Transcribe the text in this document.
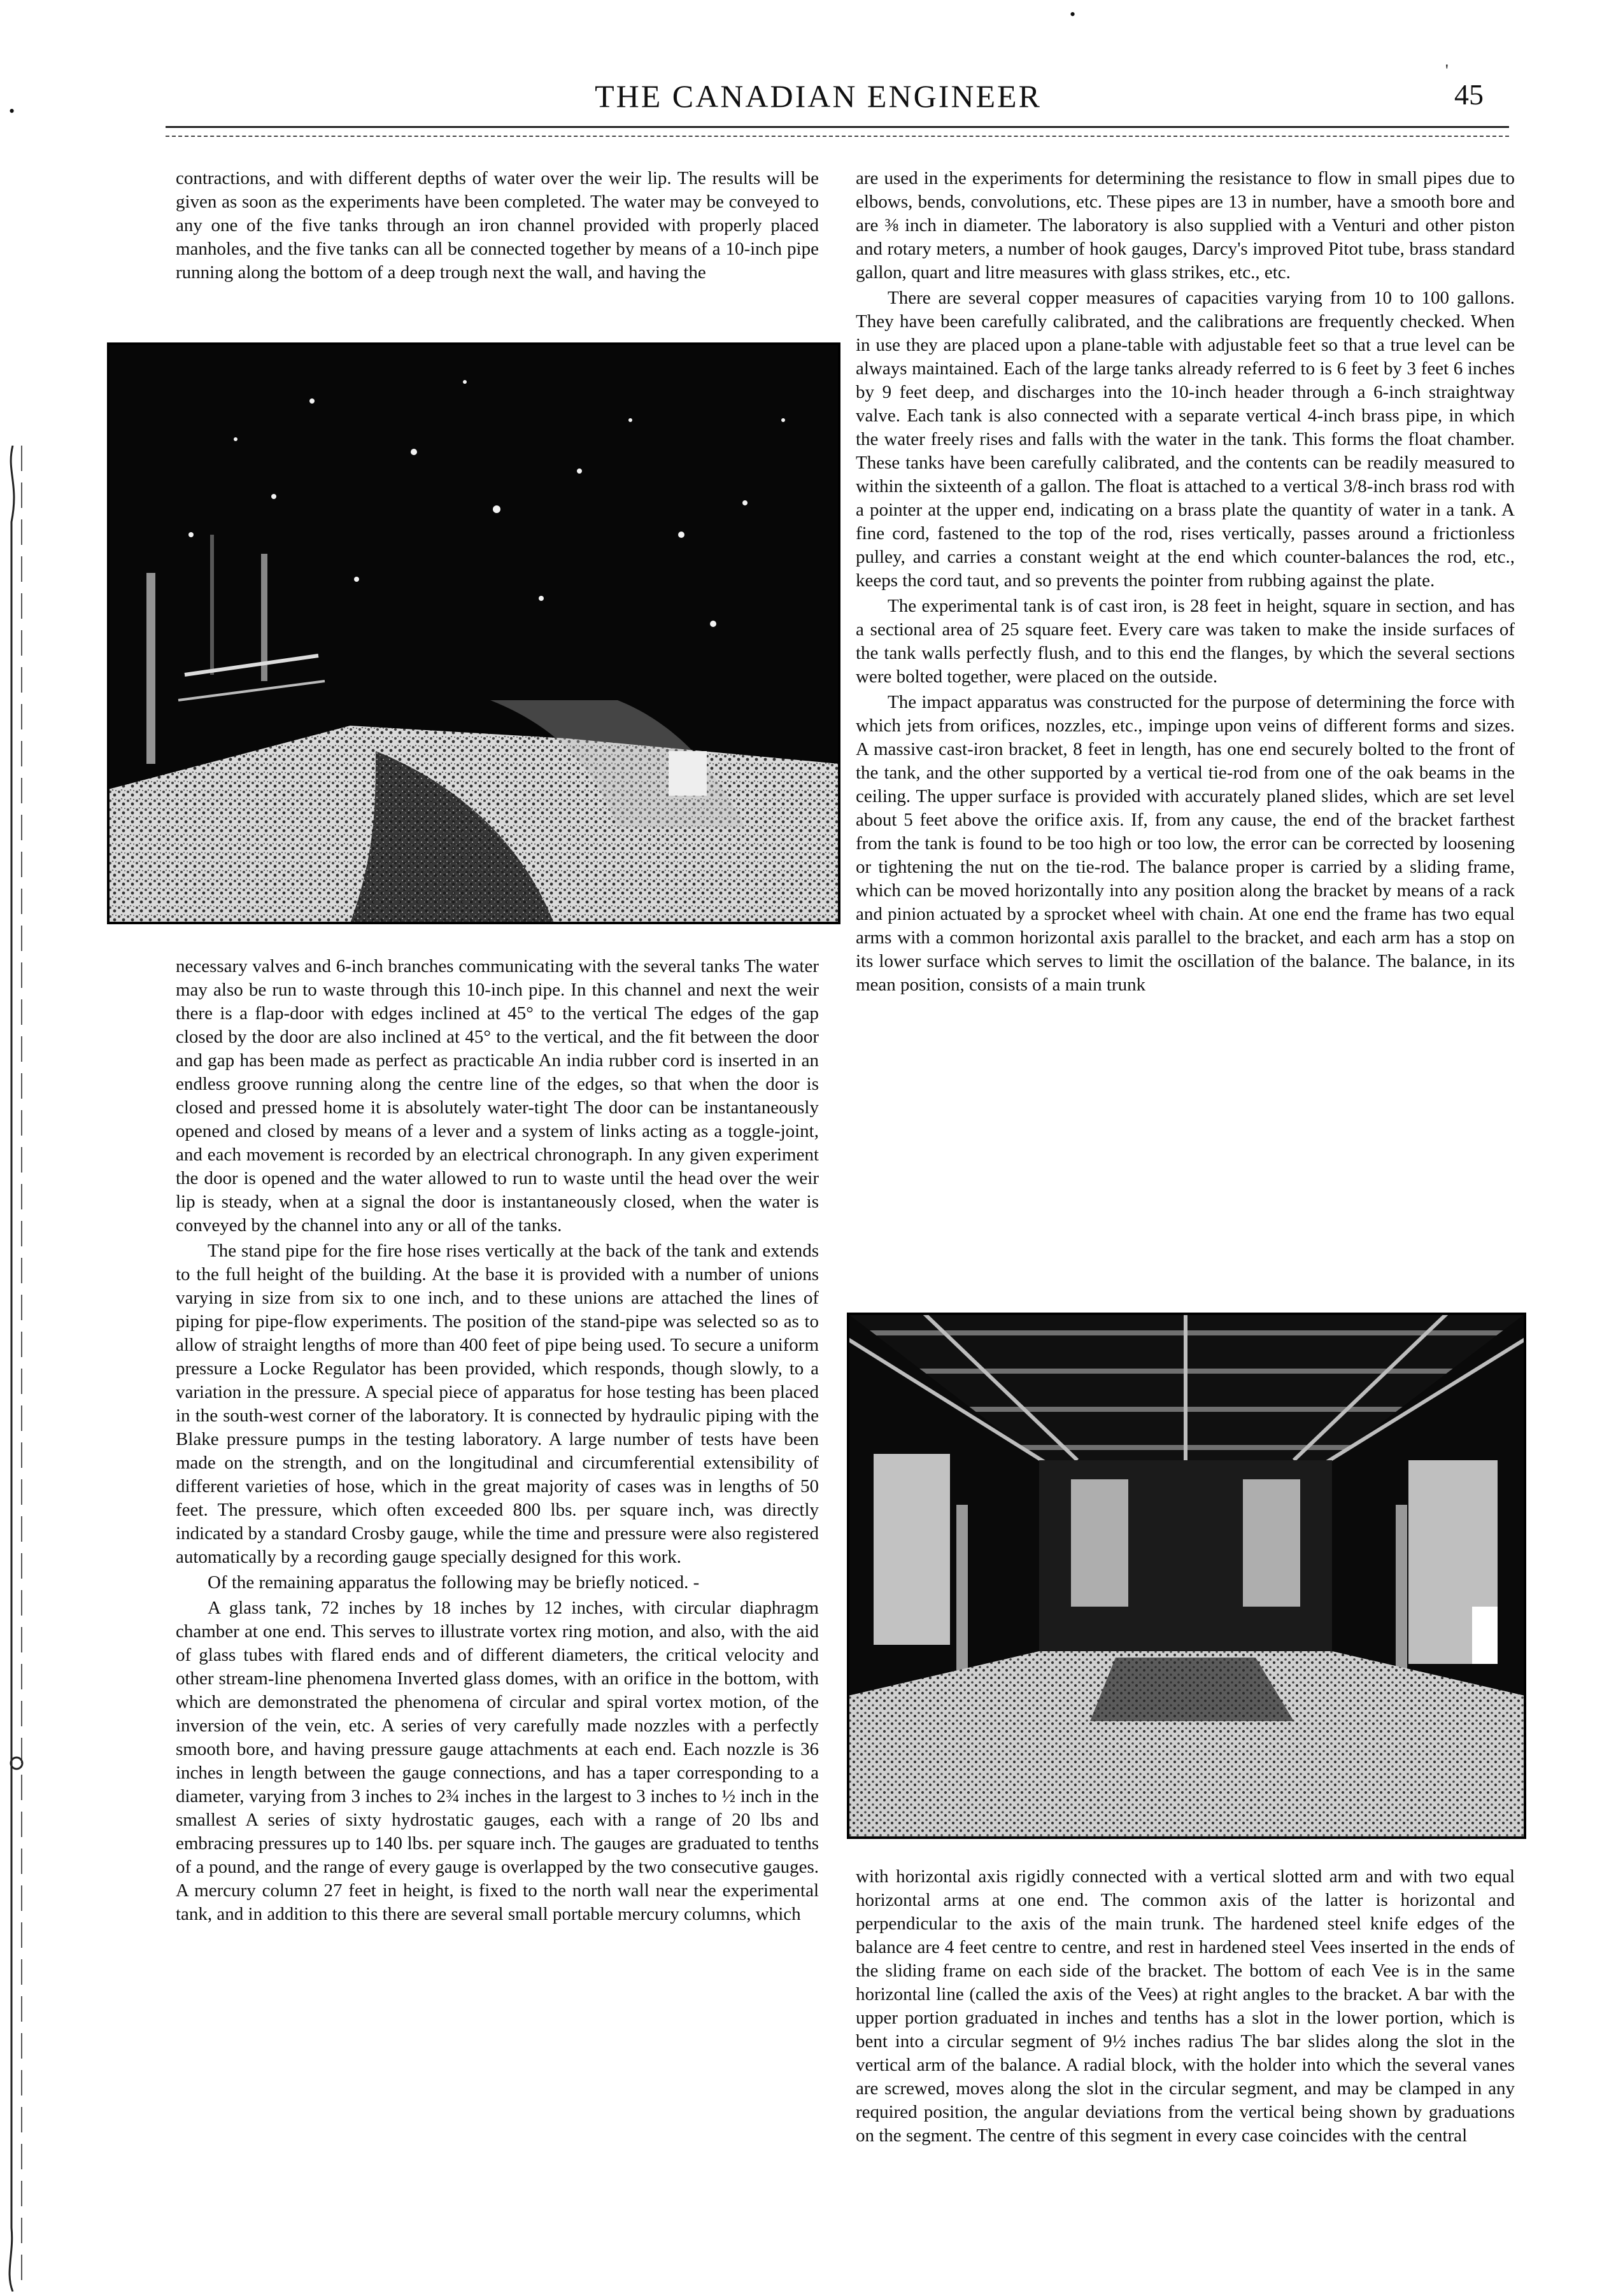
•
•
'
THE CANADIAN ENGINEER	45

contractions, and with different depths of water over the weir lip. The results will be given as soon as the experiments have been completed. The water may be conveyed to any one of the five tanks through an iron channel provided with properly placed manholes, and the five tanks can all be connected together by means of a 10-inch pipe running along the bottom of a deep trough next the wall, and having the

necessary valves and 6-inch branches communicating with the several tanks The water may also be run to waste through this 10-inch pipe. In this channel and next the weir there is a flap-door with edges inclined at 45° to the vertical The edges of the gap closed by the door are also inclined at 45° to the vertical, and the fit between the door and gap has been made as perfect as practicable An india rubber cord is inserted in an endless groove running along the centre line of the edges, so that when the door is closed and pressed home it is absolutely water-tight The door can be instantaneously opened and closed by means of a lever and a system of links acting as a toggle-joint, and each movement is recorded by an electrical chronograph. In any given experiment the door is opened and the water allowed to run to waste until the head over the weir lip is steady, when at a signal the door is instantaneously closed, when the water is conveyed by the channel into any or all of the tanks.

The stand pipe for the fire hose rises vertically at the back of the tank and extends to the full height of the building. At the base it is provided with a number of unions varying in size from six to one inch, and to these unions are attached the lines of piping for pipe-flow experiments. The position of the stand-pipe was selected so as to allow of straight lengths of more than 400 feet of pipe being used. To secure a uniform pressure a Locke Regulator has been provided, which responds, though slowly, to a variation in the pressure. A special piece of apparatus for hose testing has been placed in the south-west corner of the laboratory. It is connected by hydraulic piping with the Blake pressure pumps in the testing laboratory. A large number of tests have been made on the strength, and on the longitudinal and circumferential extensibility of different varieties of hose, which in the great majority of cases was in lengths of 50 feet. The pressure, which often exceeded 800 lbs. per square inch, was directly indicated by a standard Crosby gauge, while the time and pressure were also registered automatically by a recording gauge specially designed for this work.

Of the remaining apparatus the following may be briefly noticed. -

A glass tank, 72 inches by 18 inches by 12 inches, with circular diaphragm chamber at one end. This serves to illustrate vortex ring motion, and also, with the aid of glass tubes with flared ends and of different diameters, the critical velocity and other stream-line phenomena Inverted glass domes, with an orifice in the bottom, with which are demonstrated the phenomena of circular and spiral vortex motion, of the inversion of the vein, etc. A series of very carefully made nozzles with a perfectly smooth bore, and having pressure gauge attachments at each end. Each nozzle is 36 inches in length between the gauge connections, and has a taper corresponding to a diameter, varying from 3 inches to 2¾ inches in the largest to 3 inches to ½ inch in the smallest A series of sixty hydrostatic gauges, each with a range of 20 lbs and embracing pressures up to 140 lbs. per square inch. The gauges are graduated to tenths of a pound, and the range of every gauge is overlapped by the two consecutive gauges. A mercury column 27 feet in height, is fixed to the north wall near the experimental tank, and in addition to this there are several small portable mercury columns, which

are used in the experiments for determining the resistance to flow in small pipes due to elbows, bends, convolutions, etc. These pipes are 13 in number, have a smooth bore and are ⅜ inch in diameter. The laboratory is also supplied with a Venturi and other piston and rotary meters, a number of hook gauges, Darcy's improved Pitot tube, brass standard gallon, quart and litre measures with glass strikes, etc., etc.

There are several copper measures of capacities varying from 10 to 100 gallons. They have been carefully calibrated, and the calibrations are frequently checked. When in use they are placed upon a plane-table with adjustable feet so that a true level can be always maintained. Each of the large tanks already referred to is 6 feet by 3 feet 6 inches by 9 feet deep, and discharges into the 10-inch header through a 6-inch straightway valve. Each tank is also connected with a separate vertical 4-inch brass pipe, in which the water freely rises and falls with the water in the tank. This forms the float chamber. These tanks have been carefully calibrated, and the contents can be readily measured to within the sixteenth of a gallon. The float is attached to a vertical 3/8-inch brass rod with a pointer at the upper end, indicating on a brass plate the quantity of water in a tank. A fine cord, fastened to the top of the rod, rises vertically, passes around a frictionless pulley, and carries a constant weight at the end which counter-balances the rod, etc., keeps the cord taut, and so prevents the pointer from rubbing against the plate.

The experimental tank is of cast iron, is 28 feet in height, square in section, and has a sectional area of 25 square feet. Every care was taken to make the inside surfaces of the tank walls perfectly flush, and to this end the flanges, by which the several sections were bolted together, were placed on the outside.

The impact apparatus was constructed for the purpose of determining the force with which jets from orifices, nozzles, etc., impinge upon veins of different forms and sizes. A massive cast-iron bracket, 8 feet in length, has one end securely bolted to the front of the tank, and the other supported by a vertical tie-rod from one of the oak beams in the ceiling. The upper surface is provided with accurately planed slides, which are set level about 5 feet above the orifice axis. If, from any cause, the end of the bracket farthest from the tank is found to be too high or too low, the error can be corrected by loosening or tightening the nut on the tie-rod. The balance proper is carried by a sliding frame, which can be moved horizontally into any position along the bracket by means of a rack and pinion actuated by a sprocket wheel with chain. At one end the frame has two equal arms with a common horizontal axis parallel to the bracket, and each arm has a stop on its lower surface which serves to limit the oscillation of the balance. The balance, in its mean position, consists of a main trunk

with horizontal axis rigidly connected with a vertical slotted arm and with two equal horizontal arms at one end. The common axis of the latter is horizontal and perpendicular to the axis of the main trunk. The hardened steel knife edges of the balance are 4 feet centre to centre, and rest in hardened steel Vees inserted in the ends of the sliding frame on each side of the bracket. The bottom of each Vee is in the same horizontal line (called the axis of the Vees) at right angles to the bracket. A bar with the upper portion graduated in inches and tenths has a slot in the lower portion, which is bent into a circular segment of 9½ inches radius The bar slides along the slot in the vertical arm of the balance. A radial block, with the holder into which the several vanes are screwed, moves along the slot in the circular segment, and may be clamped in any required position, the angular deviations from the vertical being shown by graduations on the segment. The centre of this segment in every case coincides with the central
